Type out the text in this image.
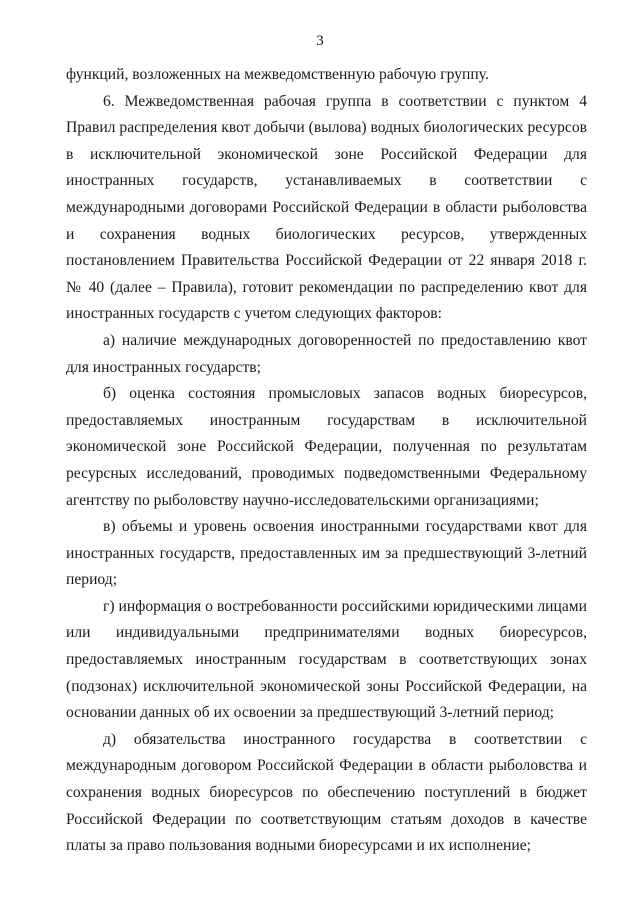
3

функций, возложенных на межведомственную рабочую группу.

6. Межведомственная рабочая группа в соответствии с пунктом 4 Правил распределения квот добычи (вылова) водных биологических ресурсов в исключительной экономической зоне Российской Федерации для иностранных государств, устанавливаемых в соответствии с международными договорами Российской Федерации в области рыболовства и сохранения водных биологических ресурсов, утвержденных постановлением Правительства Российской Федерации от 22 января 2018 г. № 40 (далее – Правила), готовит рекомендации по распределению квот для иностранных государств с учетом следующих факторов:

а) наличие международных договоренностей по предоставлению квот для иностранных государств;

б) оценка состояния промысловых запасов водных биоресурсов, предоставляемых иностранным государствам в исключительной экономической зоне Российской Федерации, полученная по результатам ресурсных исследований, проводимых подведомственными Федеральному агентству по рыболовству научно-исследовательскими организациями;

в) объемы и уровень освоения иностранными государствами квот для иностранных государств, предоставленных им за предшествующий 3-летний период;

г) информация о востребованности российскими юридическими лицами или индивидуальными предпринимателями водных биоресурсов, предоставляемых иностранным государствам в соответствующих зонах (подзонах) исключительной экономической зоны Российской Федерации, на основании данных об их освоении за предшествующий 3-летний период;

д) обязательства иностранного государства в соответствии с международным договором Российской Федерации в области рыболовства и сохранения водных биоресурсов по обеспечению поступлений в бюджет Российской Федерации по соответствующим статьям доходов в качестве платы за право пользования водными биоресурсами и их исполнение;
